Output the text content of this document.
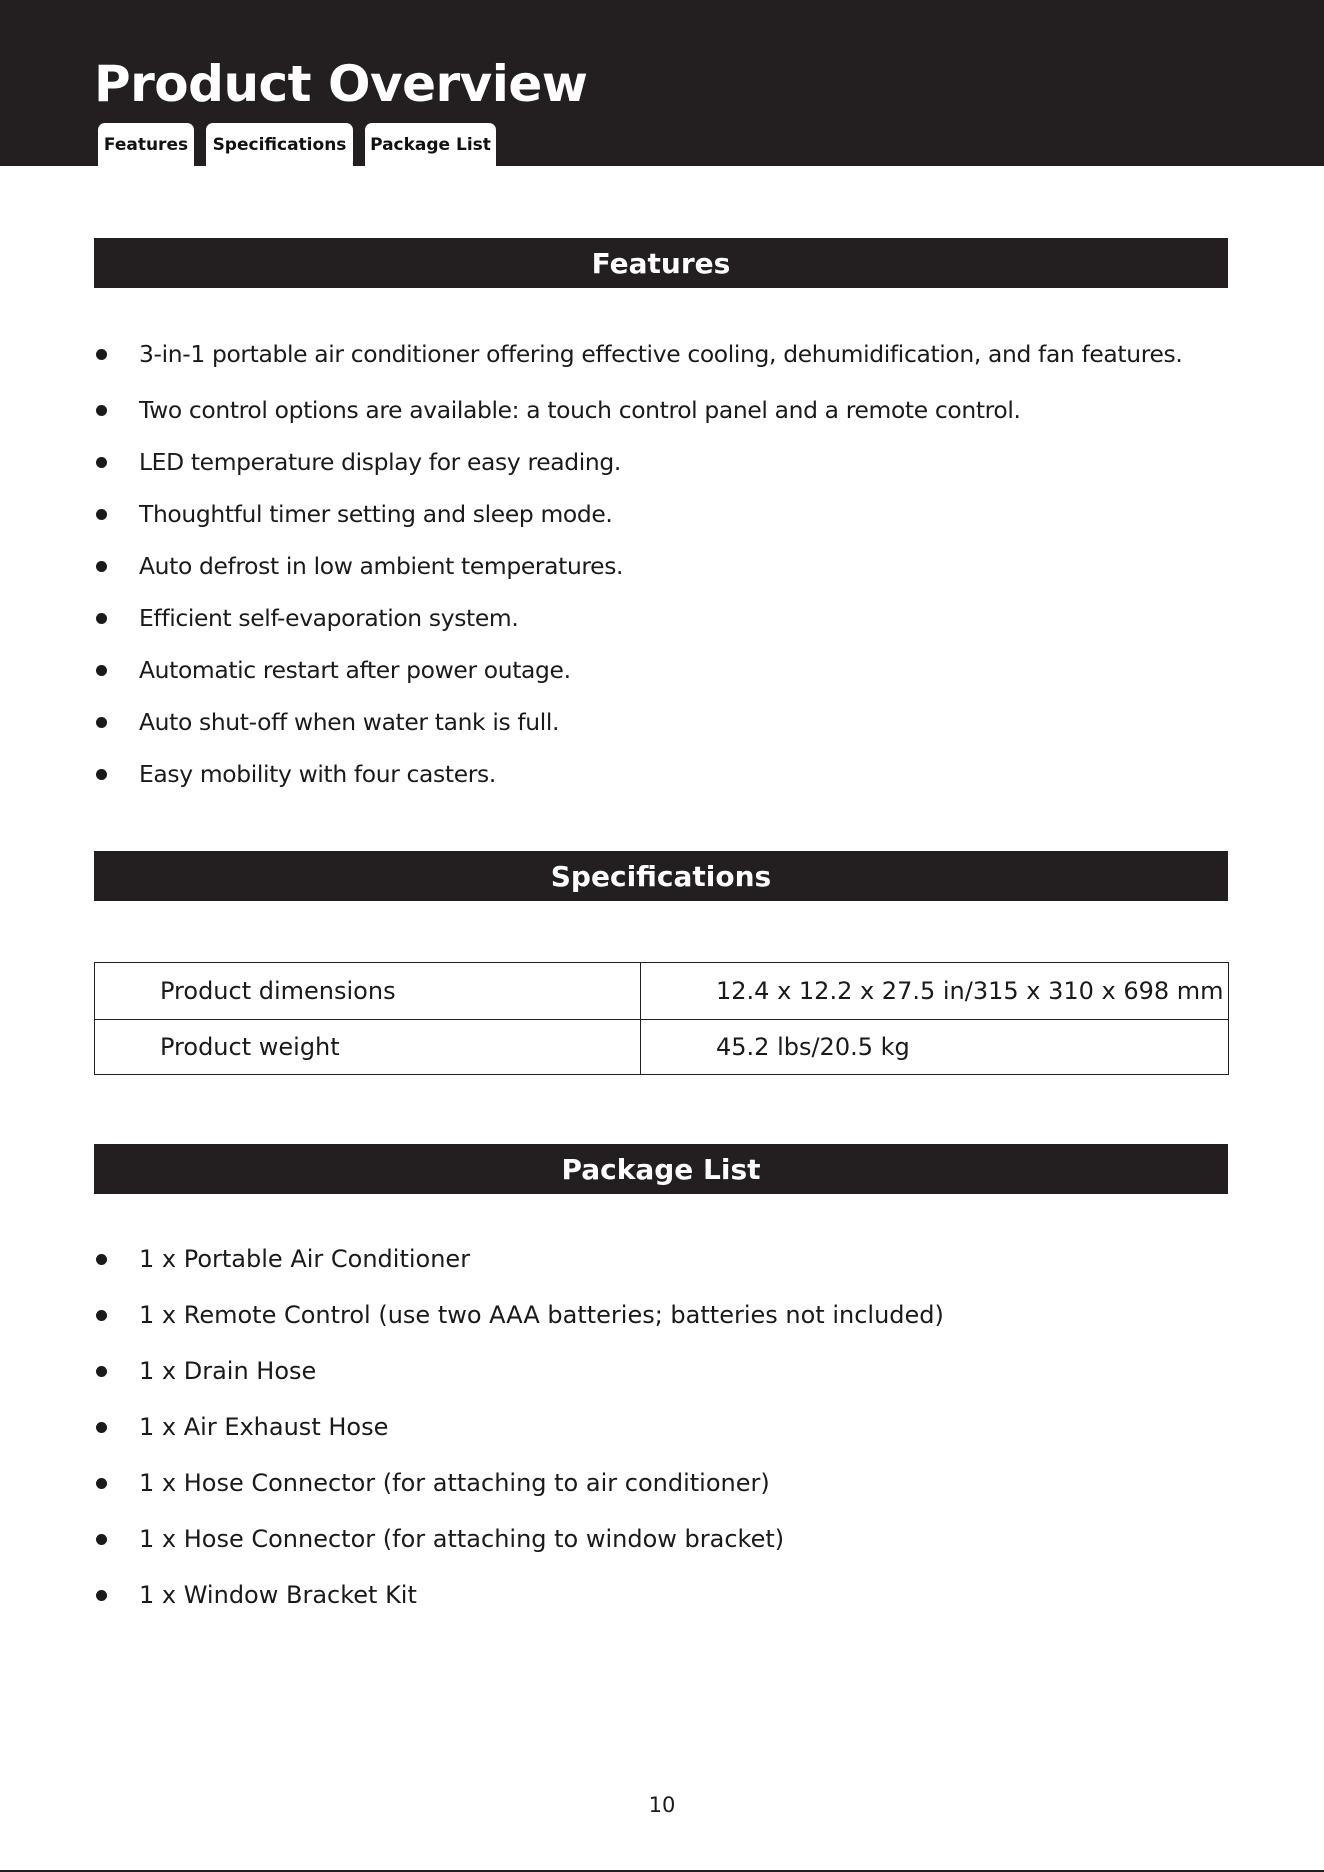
Product Overview
Features Specifications Package List
Features
3-in-1 portable air conditioner offering effective cooling, dehumidification, and fan features.
Two control options are available: a touch control panel and a remote control.
LED temperature display for easy reading.
Thoughtful timer setting and sleep mode.
Auto defrost in low ambient temperatures.
Efficient self-evaporation system.
Automatic restart after power outage.
Auto shut-off when water tank is full.
Easy mobility with four casters.
Specifications
Product dimensions	12.4 x 12.2 x 27.5 in/315 x 310 x 698 mm
Product weight	45.2 lbs/20.5 kg
Package List
1 x Portable Air Conditioner
1 x Remote Control (use two AAA batteries; batteries not included)
1 x Drain Hose
1 x Air Exhaust Hose
1 x Hose Connector (for attaching to air conditioner)
1 x Hose Connector (for attaching to window bracket)
1 x Window Bracket Kit
10
